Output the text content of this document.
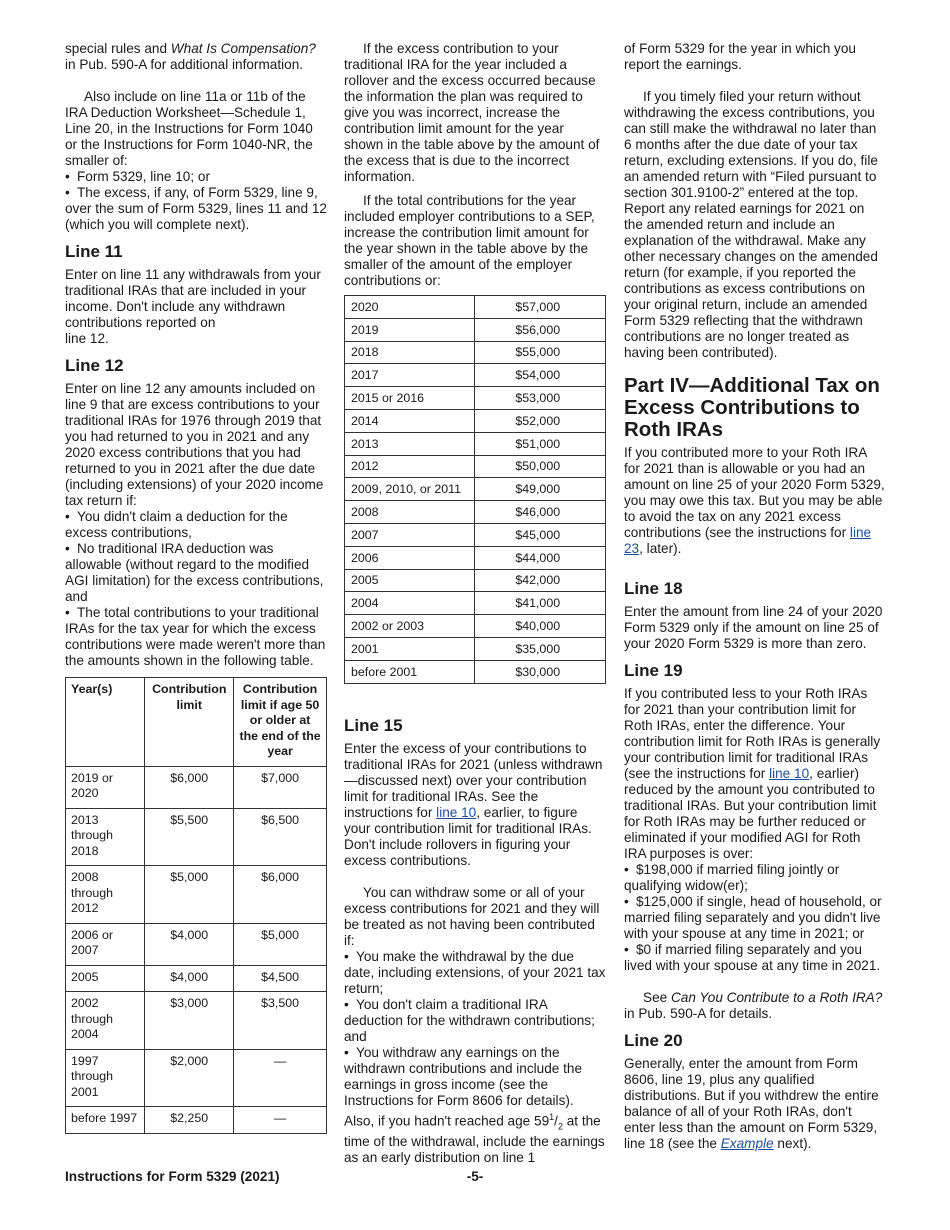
special rules and What Is Compensation? in Pub. 590-A for additional information.

Also include on line 11a or 11b of the IRA Deduction Worksheet—Schedule 1, Line 20, in the Instructions for Form 1040 or the Instructions for Form 1040-NR, the smaller of:

• Form 5329, line 10; or

• The excess, if any, of Form 5329, line 9, over the sum of Form 5329, lines 11 and 12 (which you will complete next).

Line 11

Enter on line 11 any withdrawals from your traditional IRAs that are included in your income. Don't include any withdrawn contributions reported on

line 12.

Line 12

Enter on line 12 any amounts included on line 9 that are excess contributions to your traditional IRAs for 1976 through 2019 that you had returned to you in 2021 and any 2020 excess contributions that you had returned to you in 2021 after the due date (including extensions) of your 2020 income tax return if:

• You didn't claim a deduction for the excess contributions,

• No traditional IRA deduction was allowable (without regard to the modified AGI limitation) for the excess contributions, and

• The total contributions to your traditional IRAs for the tax year for which the excess contributions were made weren't more than the amounts shown in the following table.

Year(s)	Contribution limit	Contribution limit if age 50 or older at the end of the year
2019 or 2020	$6,000	$7,000
2013 through 2018	$5,500	$6,500
2008 through 2012	$5,000	$6,000
2006 or 2007	$4,000	$5,000
2005	$4,000	$4,500
2002 through 2004	$3,000	$3,500
1997 through 2001	$2,000	—
before 1997	$2,250	—

If the excess contribution to your traditional IRA for the year included a rollover and the excess occurred because the information the plan was required to give you was incorrect, increase the contribution limit amount for the year shown in the table above by the amount of the excess that is due to the incorrect information.

If the total contributions for the year included employer contributions to a SEP, increase the contribution limit amount for the year shown in the table above by the smaller of the amount of the employer contributions or:

2020	$57,000
2019	$56,000
2018	$55,000
2017	$54,000
2015 or 2016	$53,000
2014	$52,000
2013	$51,000
2012	$50,000
2009, 2010, or 2011	$49,000
2008	$46,000
2007	$45,000
2006	$44,000
2005	$42,000
2004	$41,000
2002 or 2003	$40,000
2001	$35,000
before 2001	$30,000
Line 15

Enter the excess of your contributions to traditional IRAs for 2021 (unless withdrawn—discussed next) over your contribution limit for traditional IRAs. See the instructions for line 10, earlier, to figure your contribution limit for traditional IRAs. Don't include rollovers in figuring your excess contributions.

You can withdraw some or all of your excess contributions for 2021 and they will be treated as not having been contributed if:

• You make the withdrawal by the due date, including extensions, of your 2021 tax return;

• You don't claim a traditional IRA deduction for the withdrawn contributions; and

• You withdraw any earnings on the withdrawn contributions and include the earnings in gross income (see the Instructions for Form 8606 for details). Also, if you hadn't reached age $59^1/_2$ at the time of the withdrawal, include the earnings as an early distribution on line 1

of Form 5329 for the year in which you report the earnings.

If you timely filed your return without withdrawing the excess contributions, you can still make the withdrawal no later than 6 months after the due date of your tax return, excluding extensions. If you do, file an amended return with “Filed pursuant to section 301.9100-2” entered at the top. Report any related earnings for 2021 on the amended return and include an explanation of the withdrawal. Make any other necessary changes on the amended return (for example, if you reported the contributions as excess contributions on your original return, include an amended Form 5329 reflecting that the withdrawn contributions are no longer treated as having been contributed).

Part IV—Additional Tax on Excess Contributions to Roth IRAs

If you contributed more to your Roth IRA for 2021 than is allowable or you had an amount on line 25 of your 2020 Form 5329, you may owe this tax. But you may be able to avoid the tax on any 2021 excess contributions (see the instructions for line 23, later).

Line 18

Enter the amount from line 24 of your 2020 Form 5329 only if the amount on line 25 of your 2020 Form 5329 is more than zero.

Line 19

If you contributed less to your Roth IRAs for 2021 than your contribution limit for Roth IRAs, enter the difference. Your contribution limit for Roth IRAs is generally your contribution limit for traditional IRAs (see the instructions for line 10, earlier) reduced by the amount you contributed to traditional IRAs. But your contribution limit for Roth IRAs may be further reduced or eliminated if your modified AGI for Roth IRA purposes is over:

• $198,000 if married filing jointly or qualifying widow(er);

• $125,000 if single, head of household, or married filing separately and you didn't live with your spouse at any time in 2021; or

• $0 if married filing separately and you lived with your spouse at any time in 2021.

See Can You Contribute to a Roth IRA? in Pub. 590-A for details.

Line 20

Generally, enter the amount from Form 8606, line 19, plus any qualified distributions. But if you withdrew the entire balance of all of your Roth IRAs, don't enter less than the amount on Form 5329, line 18 (see the Example next).

Instructions for Form 5329 (2021)	-5-
